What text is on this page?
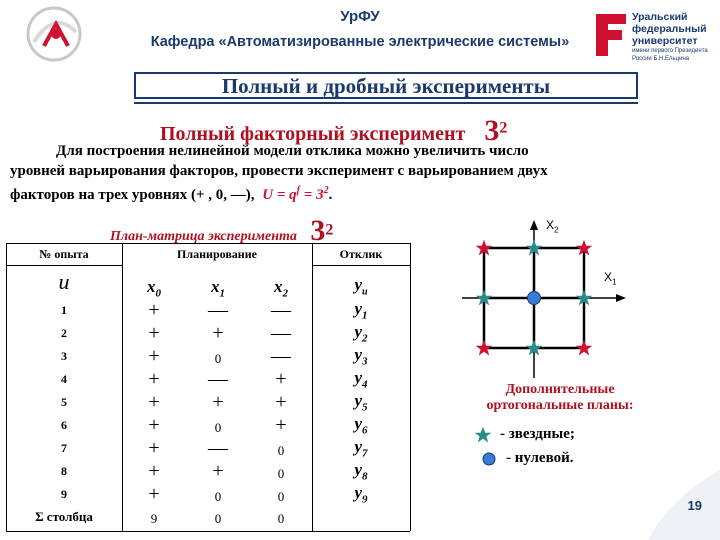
УрФУ
Кафедра «Автоматизированные электрические системы»
Уральский
федеральный
университет
имени первого Президента
России Б.Н.Ельцина
Полный и дробный эксперименты
Полный факторный эксперимент $3^2$
Для построения нелинейной модели отклика можно увеличить число
уровней варьирования факторов, провести эксперимент с варьированием двух
факторов на трех уровнях (+ , 0, —), $U = q^f = 3^2$.
План-матрица эксперимента $3^2$
№ опыта	Планирование	Отклик
u	$x_0$	$x_1$	$x_2$	$y_u$
1	+	—	—	$y_1$
2	+	+	—	$y_2$
3	+	0	—	$y_3$
4	+	—	+	$y_4$
5	+	+	+	$y_5$
6	+	0	+	$y_6$
7	+	—	0	$y_7$
8	+	+	0	$y_8$
9	+	0	0	$y_9$
Σ столбца	9	0	0
$X_2$
$X_1$
Дополнительные
ортогональные планы:
- звездные;
- нулевой.
19
